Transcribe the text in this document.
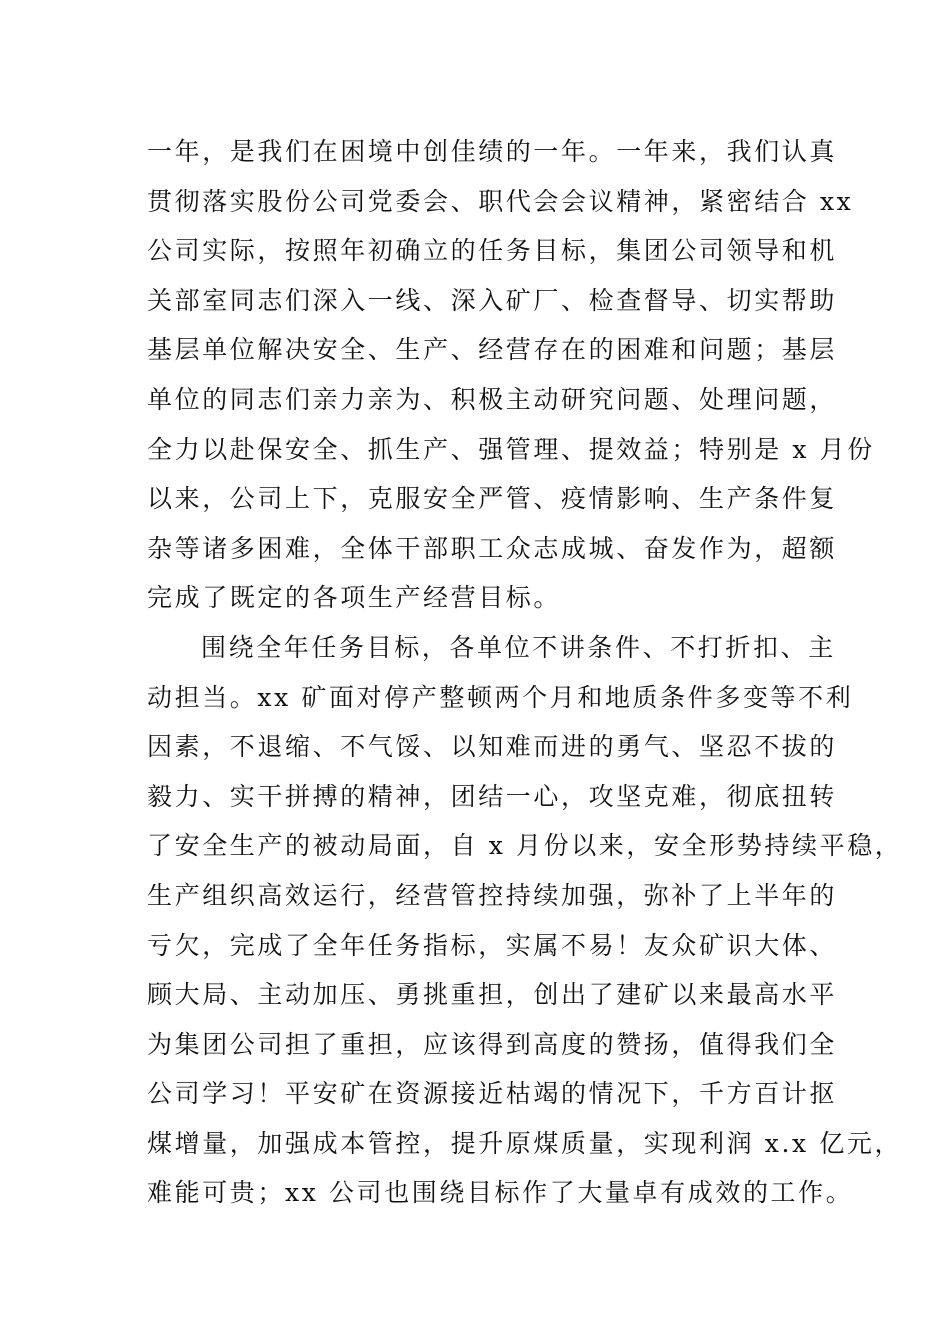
一年，是我们在困境中创佳绩的一年。一年来，我们认真
贯彻落实股份公司党委会、职代会会议精神，紧密结合 xx
公司实际，按照年初确立的任务目标，集团公司领导和机
关部室同志们深入一线、深入矿厂、检查督导、切实帮助
基层单位解决安全、生产、经营存在的困难和问题；基层
单位的同志们亲力亲为、积极主动研究问题、处理问题，
全力以赴保安全、抓生产、强管理、提效益；特别是 x 月份
以来，公司上下，克服安全严管、疫情影响、生产条件复
杂等诸多困难，全体干部职工众志成城、奋发作为，超额
完成了既定的各项生产经营目标。
围绕全年任务目标，各单位不讲条件、不打折扣、主
动担当。xx 矿面对停产整顿两个月和地质条件多变等不利
因素，不退缩、不气馁、以知难而进的勇气、坚忍不拔的
毅力、实干拼搏的精神，团结一心，攻坚克难，彻底扭转
了安全生产的被动局面，自 x 月份以来，安全形势持续平稳，
生产组织高效运行，经营管控持续加强，弥补了上半年的
亏欠，完成了全年任务指标，实属不易！友众矿识大体、
顾大局、主动加压、勇挑重担，创出了建矿以来最高水平
为集团公司担了重担，应该得到高度的赞扬，值得我们全
公司学习！平安矿在资源接近枯竭的情况下，千方百计抠
煤增量，加强成本管控，提升原煤质量，实现利润 x.x 亿元，
难能可贵；xx 公司也围绕目标作了大量卓有成效的工作。
